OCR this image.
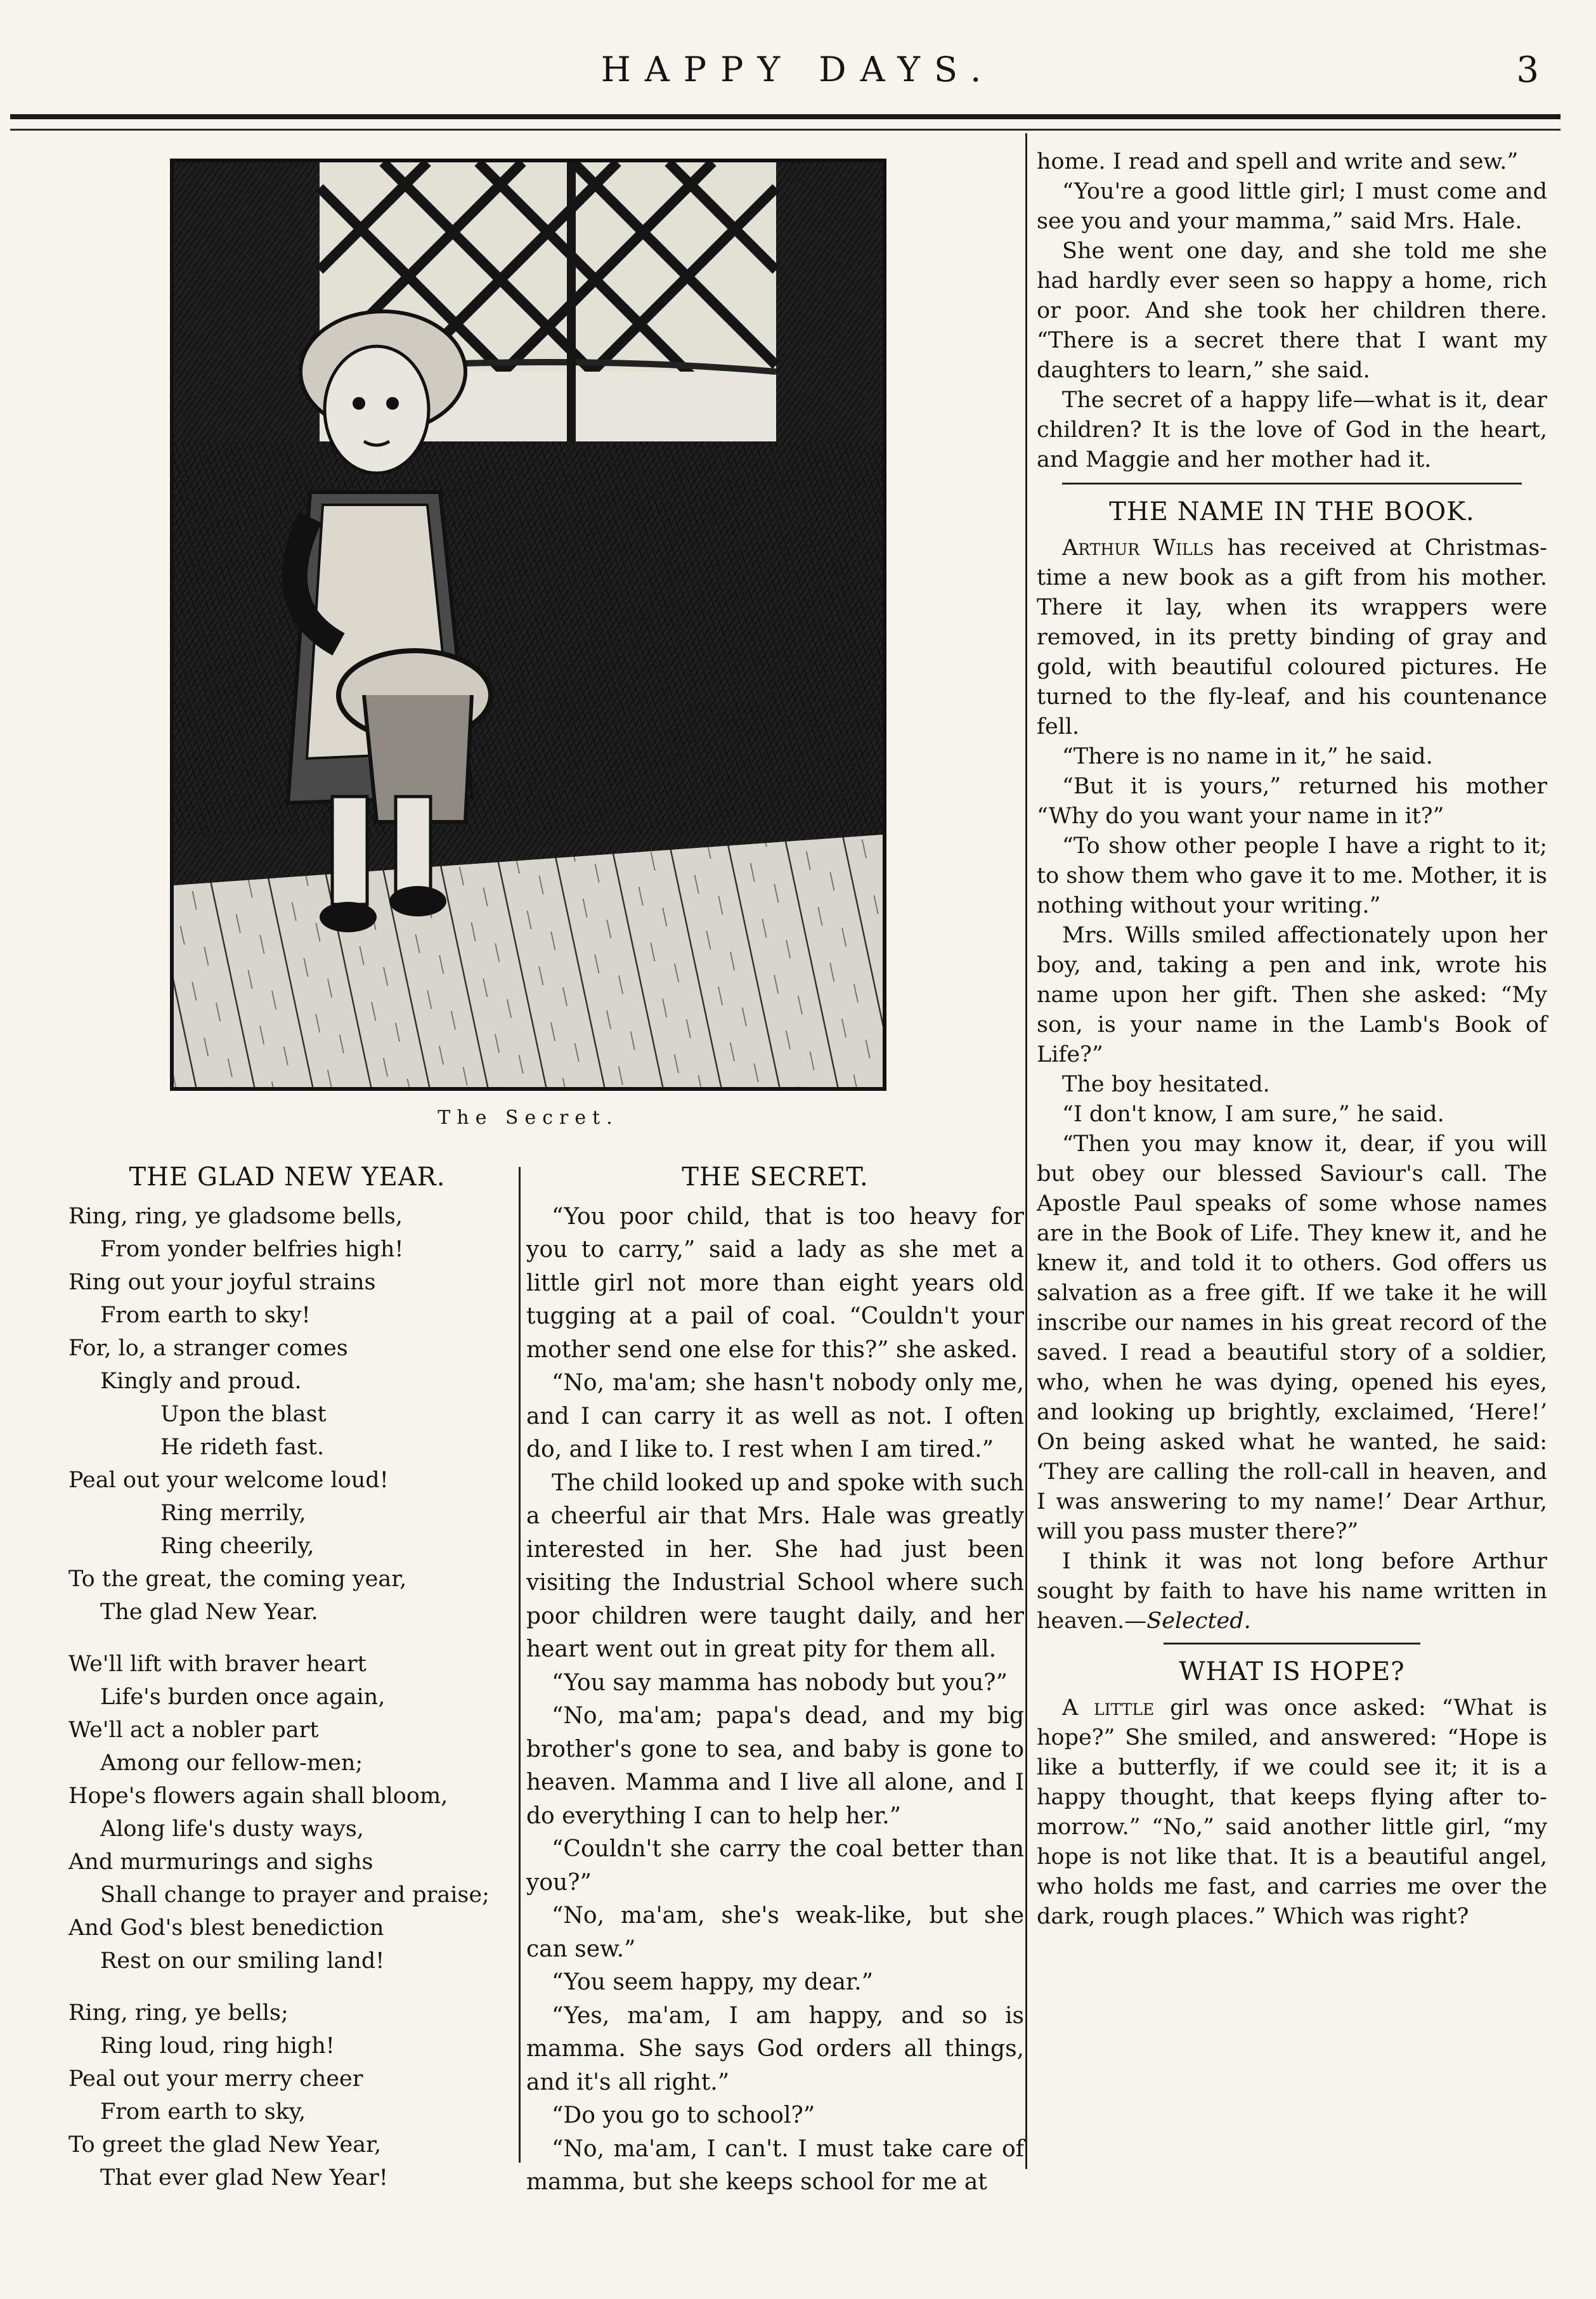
HAPPY DAYS.	3
The Secret.
THE GLAD NEW YEAR.
Ring, ring, ye gladsome bells,
From yonder belfries high!
Ring out your joyful strains
From earth to sky!
For, lo, a stranger comes
Kingly and proud.
Upon the blast
He rideth fast.
Peal out your welcome loud!
Ring merrily,
Ring cheerily,
To the great, the coming year,
The glad New Year.
We'll lift with braver heart
Life's burden once again,
We'll act a nobler part
Among our fellow-men;
Hope's flowers again shall bloom,
Along life's dusty ways,
And murmurings and sighs
Shall change to prayer and praise;
And God's blest benediction
Rest on our smiling land!
Ring, ring, ye bells;
Ring loud, ring high!
Peal out your merry cheer
From earth to sky,
To greet the glad New Year,
That ever glad New Year!
THE SECRET.

“You poor child, that is too heavy for you to carry,” said a lady as she met a little girl not more than eight years old tugging at a pail of coal. “Couldn't your mother send one else for this?” she asked.

“No, ma'am; she hasn't nobody only me, and I can carry it as well as not. I often do, and I like to. I rest when I am tired.”

The child looked up and spoke with such a cheerful air that Mrs. Hale was greatly interested in her. She had just been visiting the Industrial School where such poor children were taught daily, and her heart went out in great pity for them all.

“You say mamma has nobody but you?”

“No, ma'am; papa's dead, and my big brother's gone to sea, and baby is gone to heaven. Mamma and I live all alone, and I do everything I can to help her.”

“Couldn't she carry the coal better than you?”

“No, ma'am, she's weak-like, but she can sew.”

“You seem happy, my dear.”

“Yes, ma'am, I am happy, and so is mamma. She says God orders all things, and it's all right.”

“Do you go to school?”

“No, ma'am, I can't. I must take care of mamma, but she keeps school for me at

home. I read and spell and write and sew.”

“You're a good little girl; I must come and see you and your mamma,” said Mrs. Hale.

She went one day, and she told me she had hardly ever seen so happy a home, rich or poor. And she took her children there. “There is a secret there that I want my daughters to learn,” she said.

The secret of a happy life—what is it, dear children? It is the love of God in the heart, and Maggie and her mother had it.

THE NAME IN THE BOOK.

Arthur Wills has received at Christmas-time a new book as a gift from his mother. There it lay, when its wrappers were removed, in its pretty binding of gray and gold, with beautiful coloured pictures. He turned to the fly-leaf, and his countenance fell.

“There is no name in it,” he said.

“But it is yours,” returned his mother “Why do you want your name in it?”

“To show other people I have a right to it; to show them who gave it to me. Mother, it is nothing without your writing.”

Mrs. Wills smiled affectionately upon her boy, and, taking a pen and ink, wrote his name upon her gift. Then she asked: “My son, is your name in the Lamb's Book of Life?”

The boy hesitated.

“I don't know, I am sure,” he said.

“Then you may know it, dear, if you will but obey our blessed Saviour's call. The Apostle Paul speaks of some whose names are in the Book of Life. They knew it, and he knew it, and told it to others. God offers us salvation as a free gift. If we take it he will inscribe our names in his great record of the saved. I read a beautiful story of a soldier, who, when he was dying, opened his eyes, and looking up brightly, exclaimed, ‘Here!’ On being asked what he wanted, he said: ‘They are calling the roll-call in heaven, and I was answering to my name!’ Dear Arthur, will you pass muster there?”

I think it was not long before Arthur sought by faith to have his name written in heaven.—Selected.

WHAT IS HOPE?

A little girl was once asked: “What is hope?” She smiled, and answered: “Hope is like a butterfly, if we could see it; it is a happy thought, that keeps flying after to-morrow.” “No,” said another little girl, “my hope is not like that. It is a beautiful angel, who holds me fast, and carries me over the dark, rough places.” Which was right?
